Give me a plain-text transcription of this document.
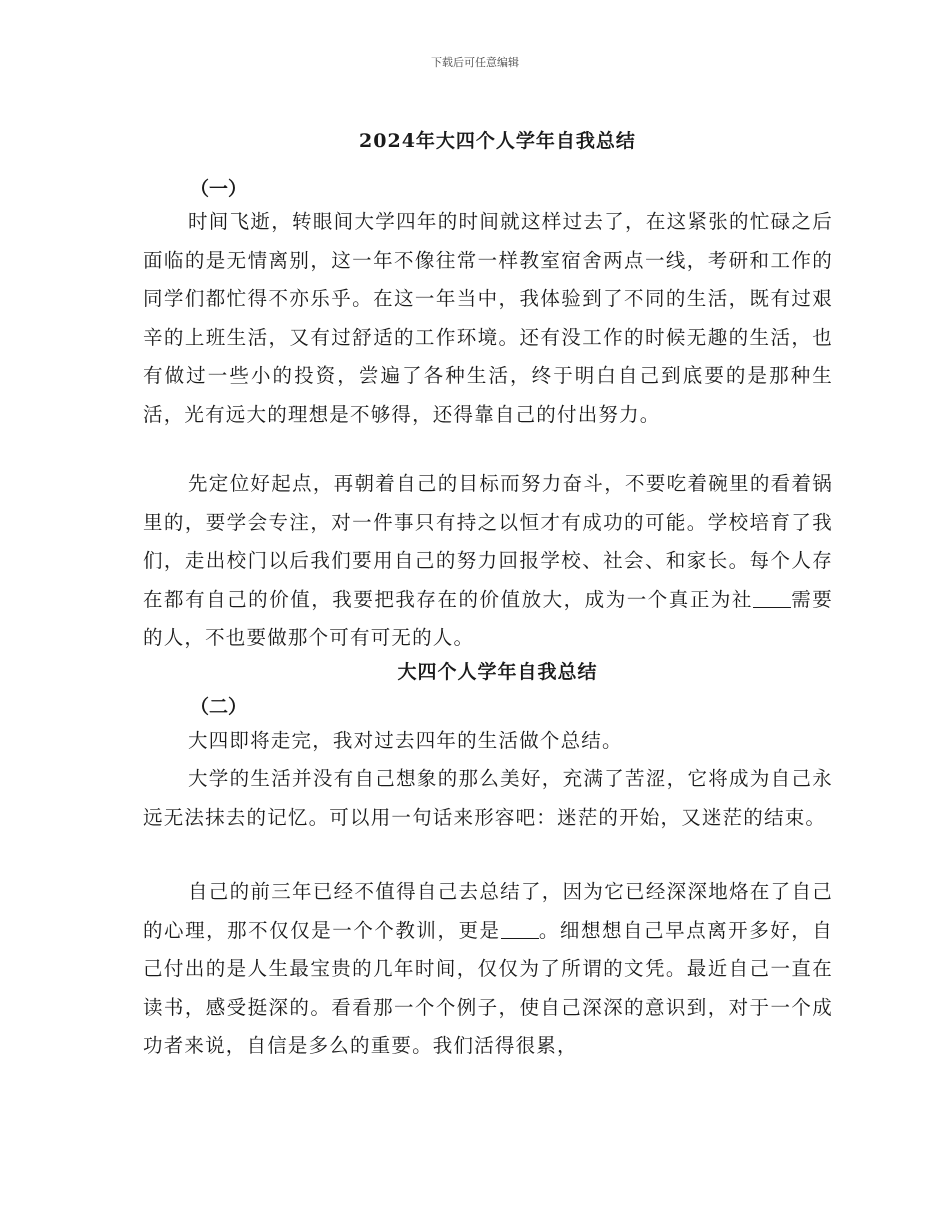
下载后可任意编辑
2024年大四个人学年自我总结
（一）
时间飞逝，转眼间大学四年的时间就这样过去了，在这紧张的忙碌之后面临的是无情离别，这一年不像往常一样教室宿舍两点一线，考研和工作的同学们都忙得不亦乐乎。在这一年当中，我体验到了不同的生活，既有过艰辛的上班生活，又有过舒适的工作环境。还有没工作的时候无趣的生活，也有做过一些小的投资，尝遍了各种生活，终于明白自己到底要的是那种生活，光有远大的理想是不够得，还得靠自己的付出努力。
先定位好起点，再朝着自己的目标而努力奋斗，不要吃着碗里的看着锅里的，要学会专注，对一件事只有持之以恒才有成功的可能。学校培育了我们，走出校门以后我们要用自己的努力回报学校、社会、和家长。每个人存在都有自己的价值，我要把我存在的价值放大，成为一个真正为社 需要的人，不也要做那个可有可无的人。
大四个人学年自我总结
（二）
大四即将走完，我对过去四年的生活做个总结。
大学的生活并没有自己想象的那么美好，充满了苦涩，它将成为自己永远无法抹去的记忆。可以用一句话来形容吧：迷茫的开始，又迷茫的结束。
自己的前三年已经不值得自己去总结了，因为它已经深深地烙在了自己的心理，那不仅仅是一个个教训，更是 。细想想自己早点离开多好，自己付出的是人生最宝贵的几年时间，仅仅为了所谓的文凭。最近自己一直在读书，感受挺深的。看看那一个个例子，使自己深深的意识到，对于一个成功者来说，自信是多么的重要。我们活得很累，
